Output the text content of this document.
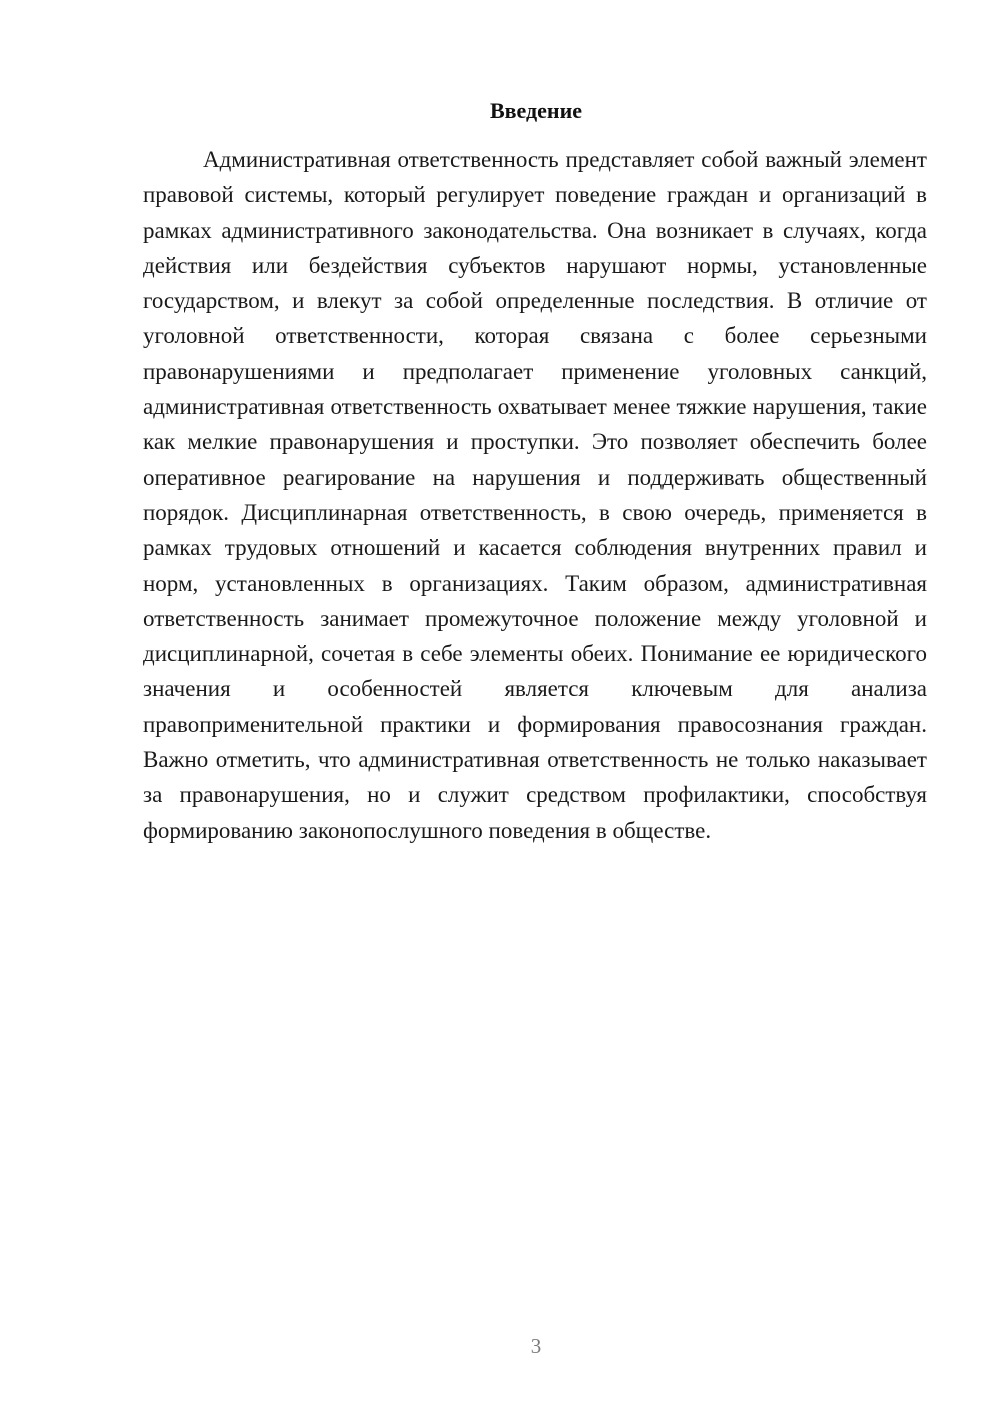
Введение

Административная ответственность представляет собой важный элемент правовой системы, который регулирует поведение граждан и организаций в рамках административного законодательства. Она возникает в случаях, когда действия или бездействия субъектов нарушают нормы, установленные государством, и влекут за собой определенные последствия. В отличие от уголовной ответственности, которая связана с более серьезными правонарушениями и предполагает применение уголовных санкций, административная ответственность охватывает менее тяжкие нарушения, такие как мелкие правонарушения и проступки. Это позволяет обеспечить более оперативное реагирование на нарушения и поддерживать общественный порядок. Дисциплинарная ответственность, в свою очередь, применяется в рамках трудовых отношений и касается соблюдения внутренних правил и норм, установленных в организациях. Таким образом, административная ответственность занимает промежуточное положение между уголовной и дисциплинарной, сочетая в себе элементы обеих. Понимание ее юридического значения и особенностей является ключевым для анализа правоприменительной практики и формирования правосознания граждан. Важно отметить, что административная ответственность не только наказывает за правонарушения, но и служит средством профилактики, способствуя формированию законопослушного поведения в обществе.

3
